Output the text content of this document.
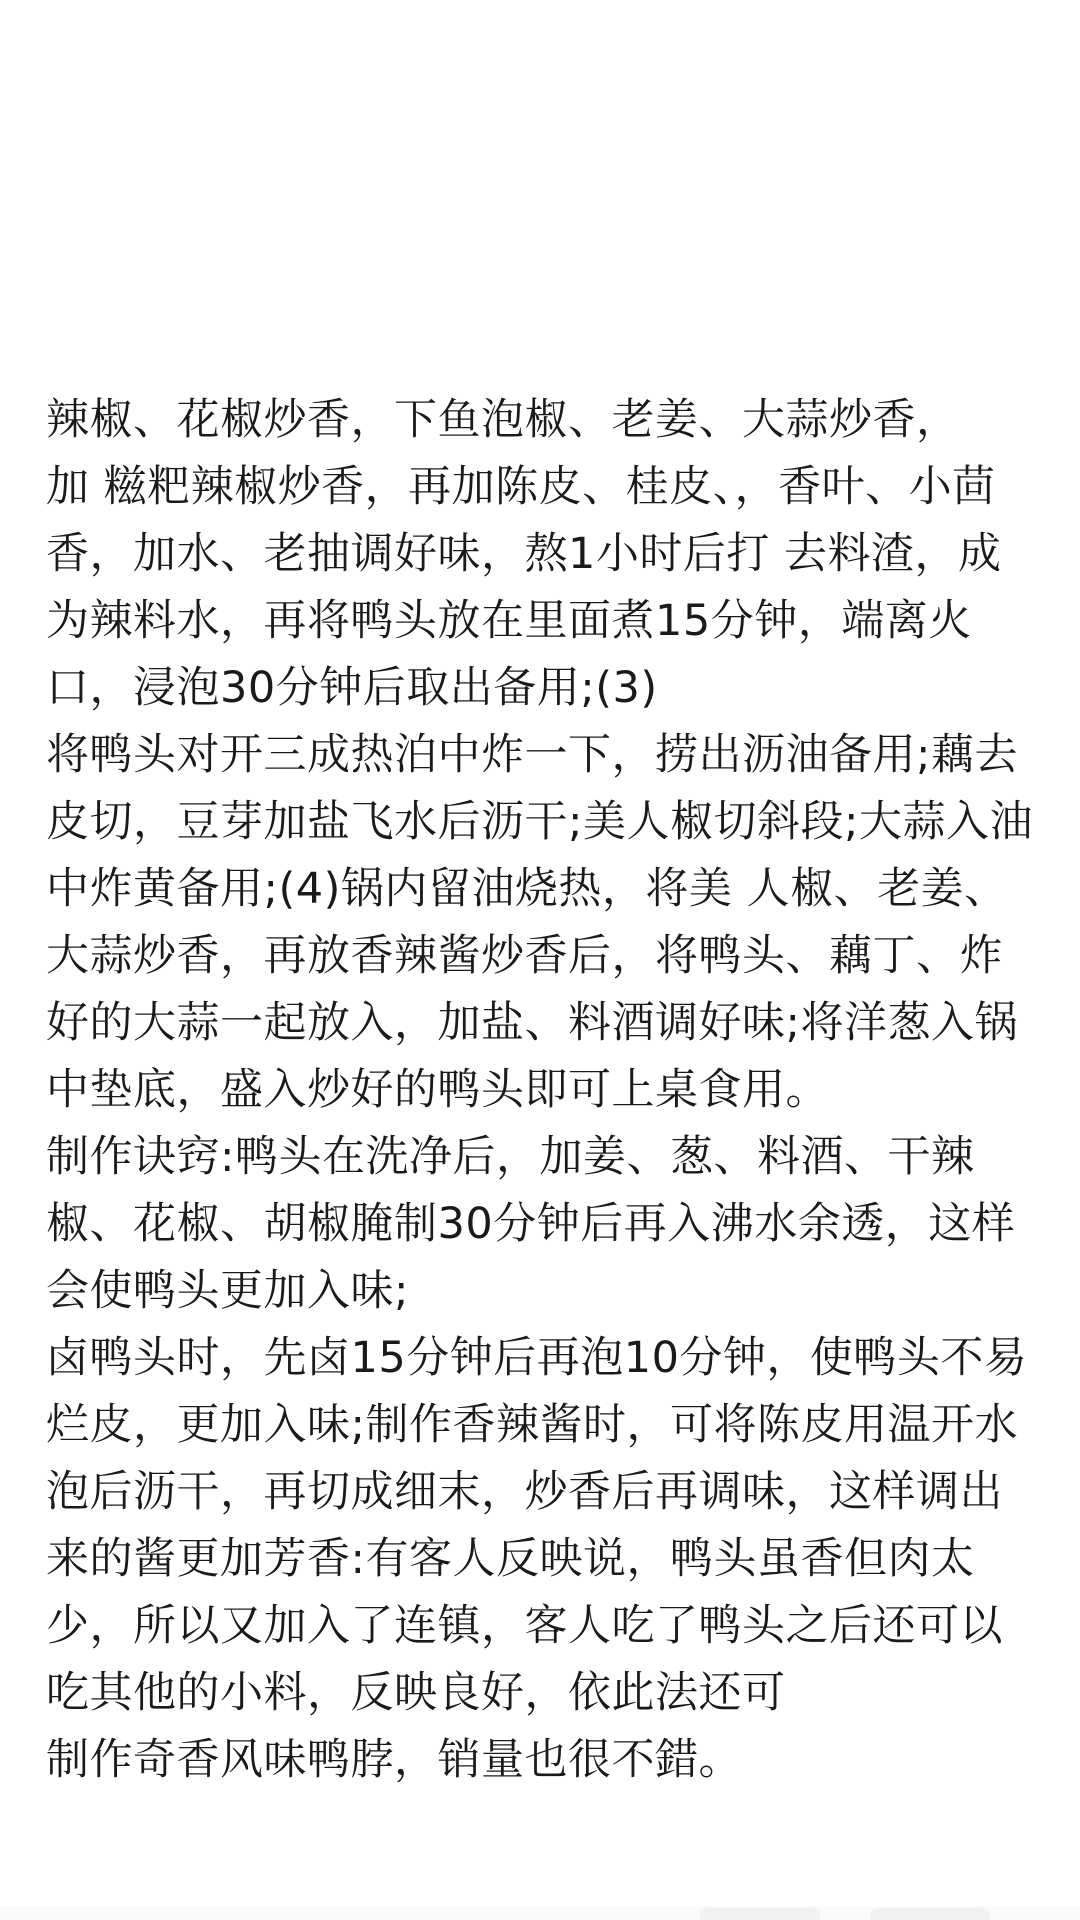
辣椒、花椒炒香，下鱼泡椒、老姜、大蒜炒香，
加 糍粑辣椒炒香，再加陈皮、桂皮、，香叶、小茴
香，加水、老抽调好味，熬1小时后打 去料渣，成
为辣料水，再将鸭头放在里面煮15分钟，端离火
口，浸泡30分钟后取出备用;(3)
将鸭头对开三成热泊中炸一下，捞出沥油备用;藕去
皮切，豆芽加盐飞水后沥干;美人椒切斜段;大蒜入油
中炸黄备用;(4)锅内留油烧热，将美 人椒、老姜、
大蒜炒香，再放香辣酱炒香后，将鸭头、藕丁、炸
好的大蒜一起放入，加盐、料酒调好味;将洋葱入锅
中垫底，盛入炒好的鸭头即可上桌食用。
制作诀窍:鸭头在洗净后，加姜、葱、料酒、干辣
椒、花椒、胡椒腌制30分钟后再入沸水余透，这样
会使鸭头更加入味;
卤鸭头时，先卤15分钟后再泡10分钟，使鸭头不易
烂皮，更加入味;制作香辣酱时，可将陈皮用温开水
泡后沥干，再切成细末，炒香后再调味，这样调出
来的酱更加芳香:有客人反映说，鸭头虽香但肉太
少，所以又加入了连镇，客人吃了鸭头之后还可以
吃其他的小料，反映良好，依此法还可
制作奇香风味鸭脖，销量也很不錯。
